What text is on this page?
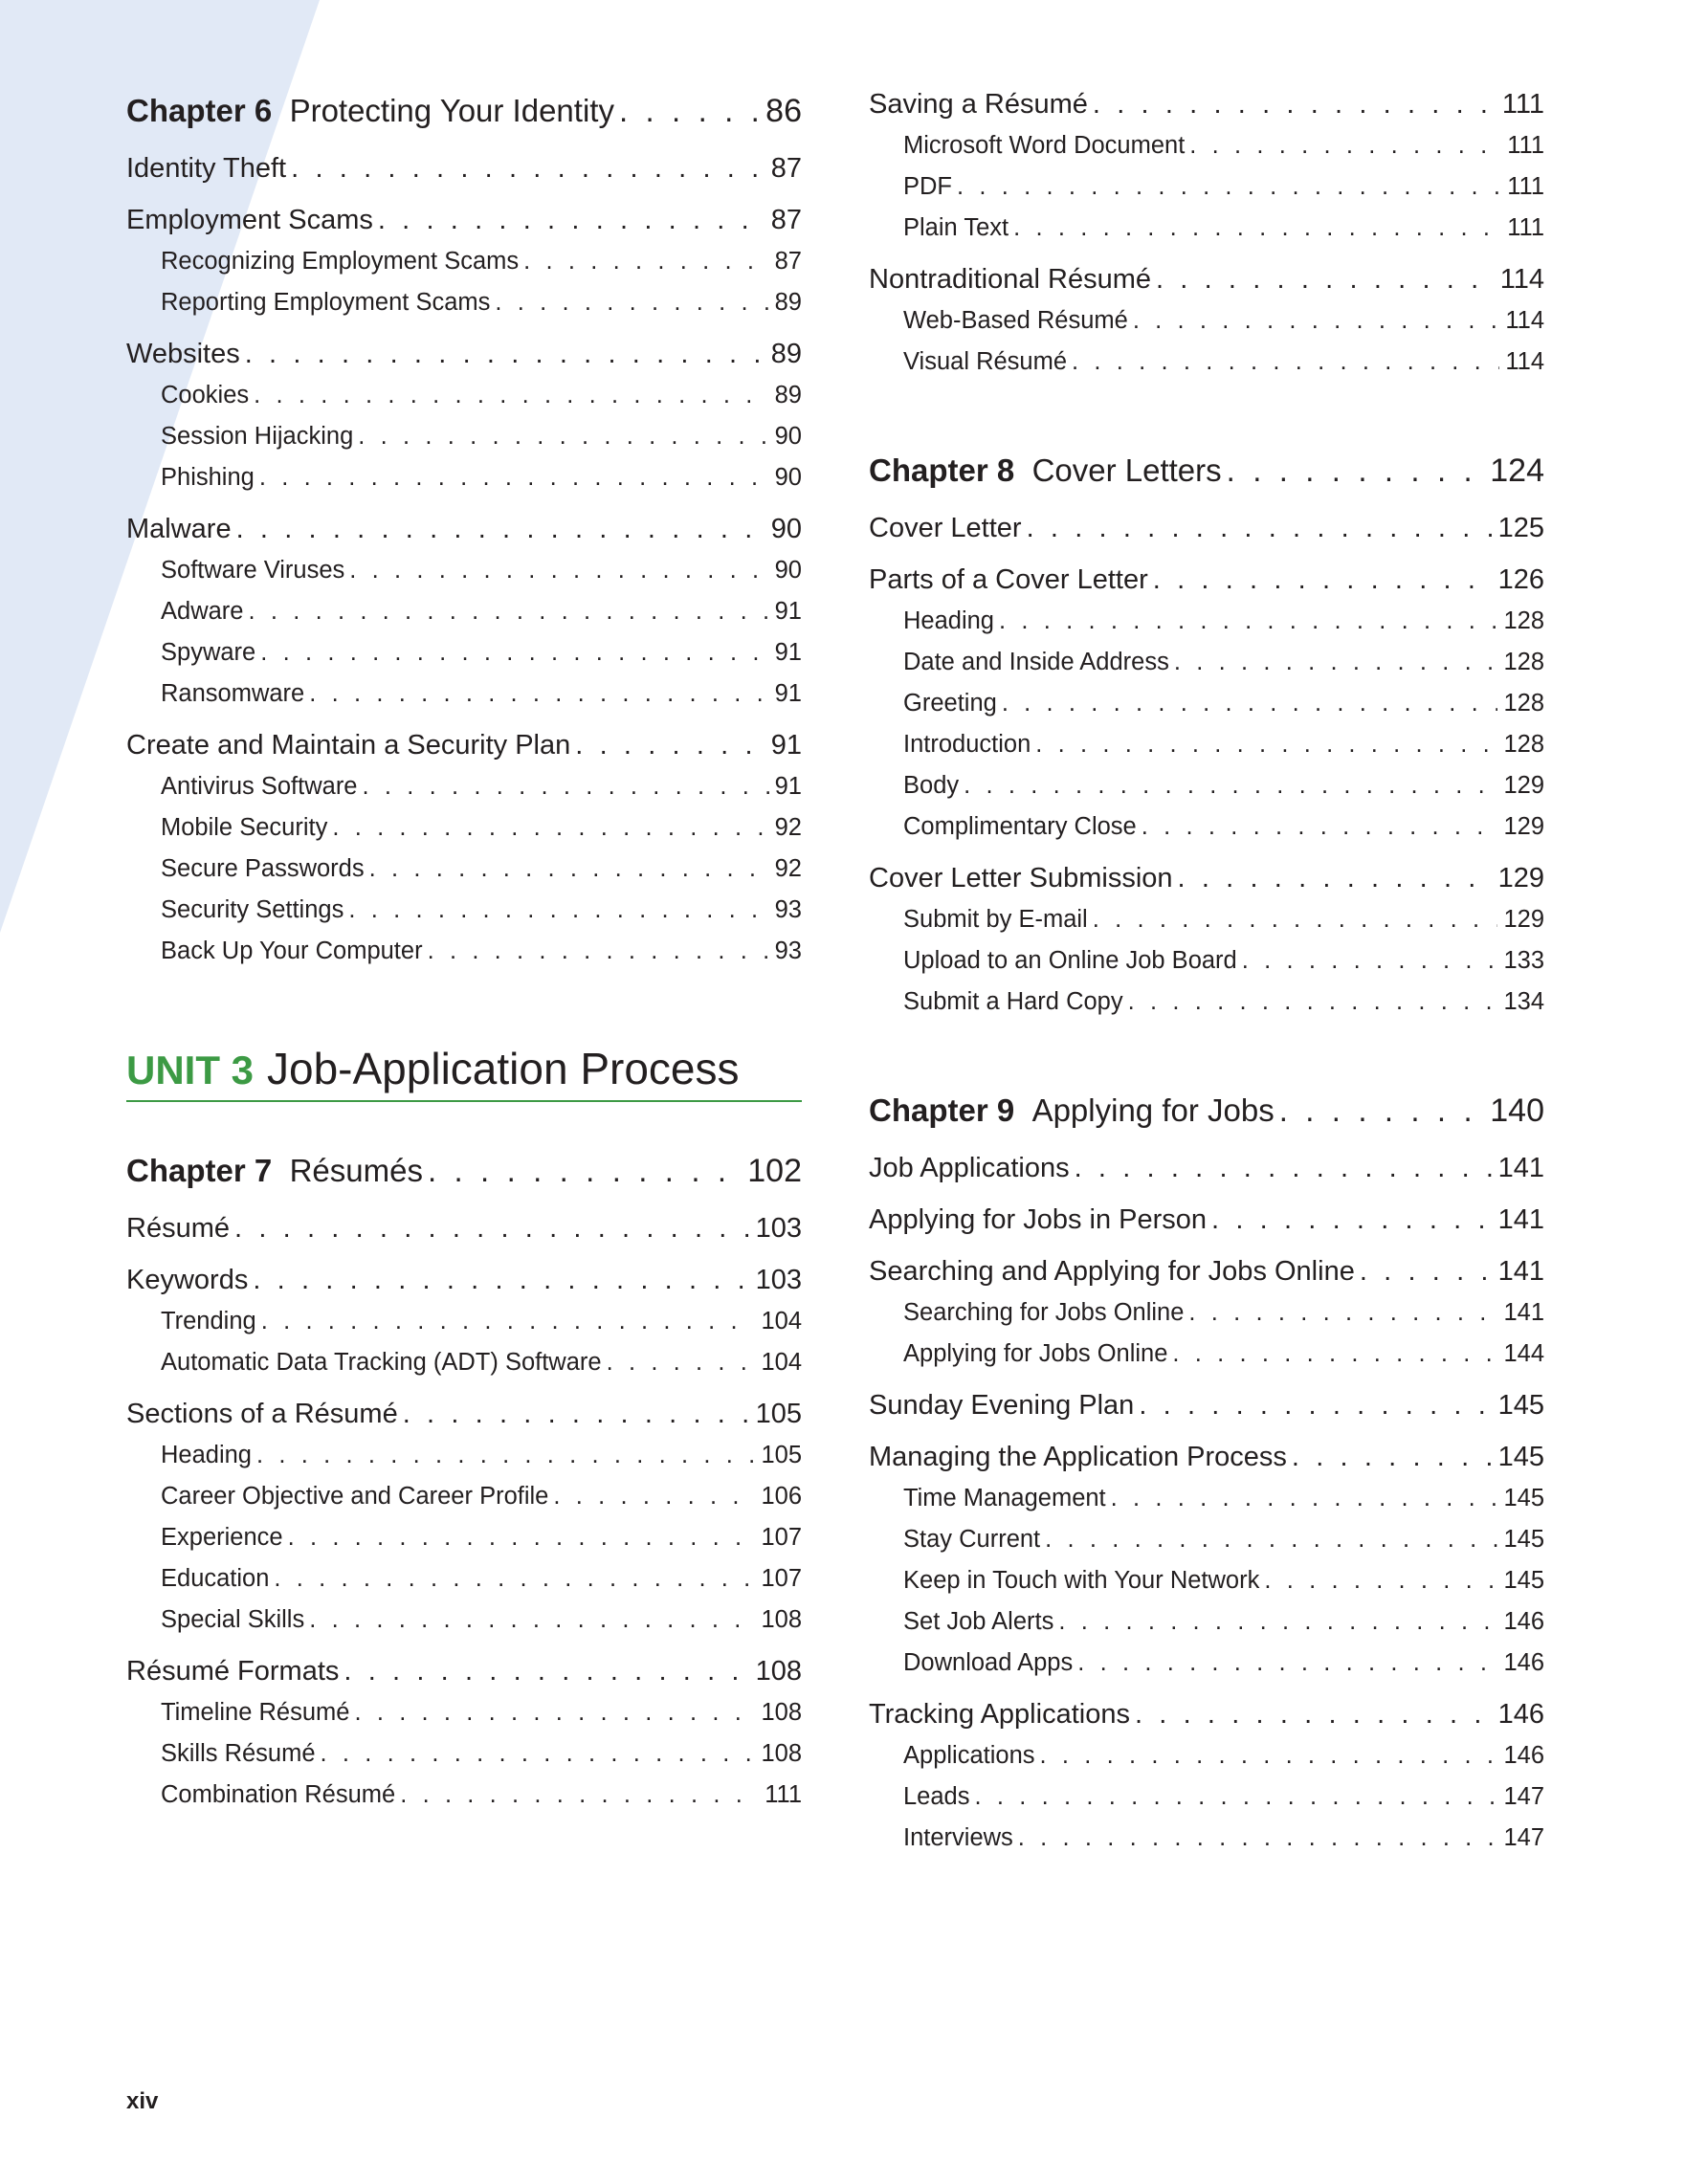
Chapter 6 Protecting Your Identity . . .	86
Identity Theft . . .	87
Employment Scams . . .	87
Recognizing Employment Scams . . .	87
Reporting Employment Scams . . .	89
Websites . . .	89
Cookies . . .	89
Session Hijacking . . .	90
Phishing . . .	90
Malware . . .	90
Software Viruses . . .	90
Adware . . .	91
Spyware . . .	91
Ransomware . . .	91
Create and Maintain a Security Plan . . .	91
Antivirus Software . . .	91
Mobile Security . . .	92
Secure Passwords . . .	92
Security Settings . . .	93
Back Up Your Computer . . .	93
UNIT 3 Job-Application Process
Chapter 7 Résumés . . .	102
Résumé . . .	103
Keywords . . .	103
Trending . . .	104
Automatic Data Tracking (ADT) Software . . .	104
Sections of a Résumé . . .	105
Heading . . .	105
Career Objective and Career Profile . . .	106
Experience . . .	107
Education . . .	107
Special Skills . . .	108
Résumé Formats . . .	108
Timeline Résumé . . .	108
Skills Résumé . . .	108
Combination Résumé . . .	111
Saving a Résumé . . .	111
Microsoft Word Document . . .	111
PDF . . .	111
Plain Text . . .	111
Nontraditional Résumé . . .	114
Web-Based Résumé . . .	114
Visual Résumé . . .	114
Chapter 8 Cover Letters . . .	124
Cover Letter . . .	125
Parts of a Cover Letter . . .	126
Heading . . .	128
Date and Inside Address . . .	128
Greeting . . .	128
Introduction . . .	128
Body . . .	129
Complimentary Close . . .	129
Cover Letter Submission . . .	129
Submit by E-mail . . .	129
Upload to an Online Job Board . . .	133
Submit a Hard Copy . . .	134
Chapter 9 Applying for Jobs . . .	140
Job Applications . . .	141
Applying for Jobs in Person . . .	141
Searching and Applying for Jobs Online . . .	141
Searching for Jobs Online . . .	141
Applying for Jobs Online . . .	144
Sunday Evening Plan . . .	145
Managing the Application Process . . .	145
Time Management . . .	145
Stay Current . . .	145
Keep in Touch with Your Network . . .	145
Set Job Alerts . . .	146
Download Apps . . .	146
Tracking Applications . . .	146
Applications . . .	146
Leads . . .	147
Interviews . . .	147
xiv
